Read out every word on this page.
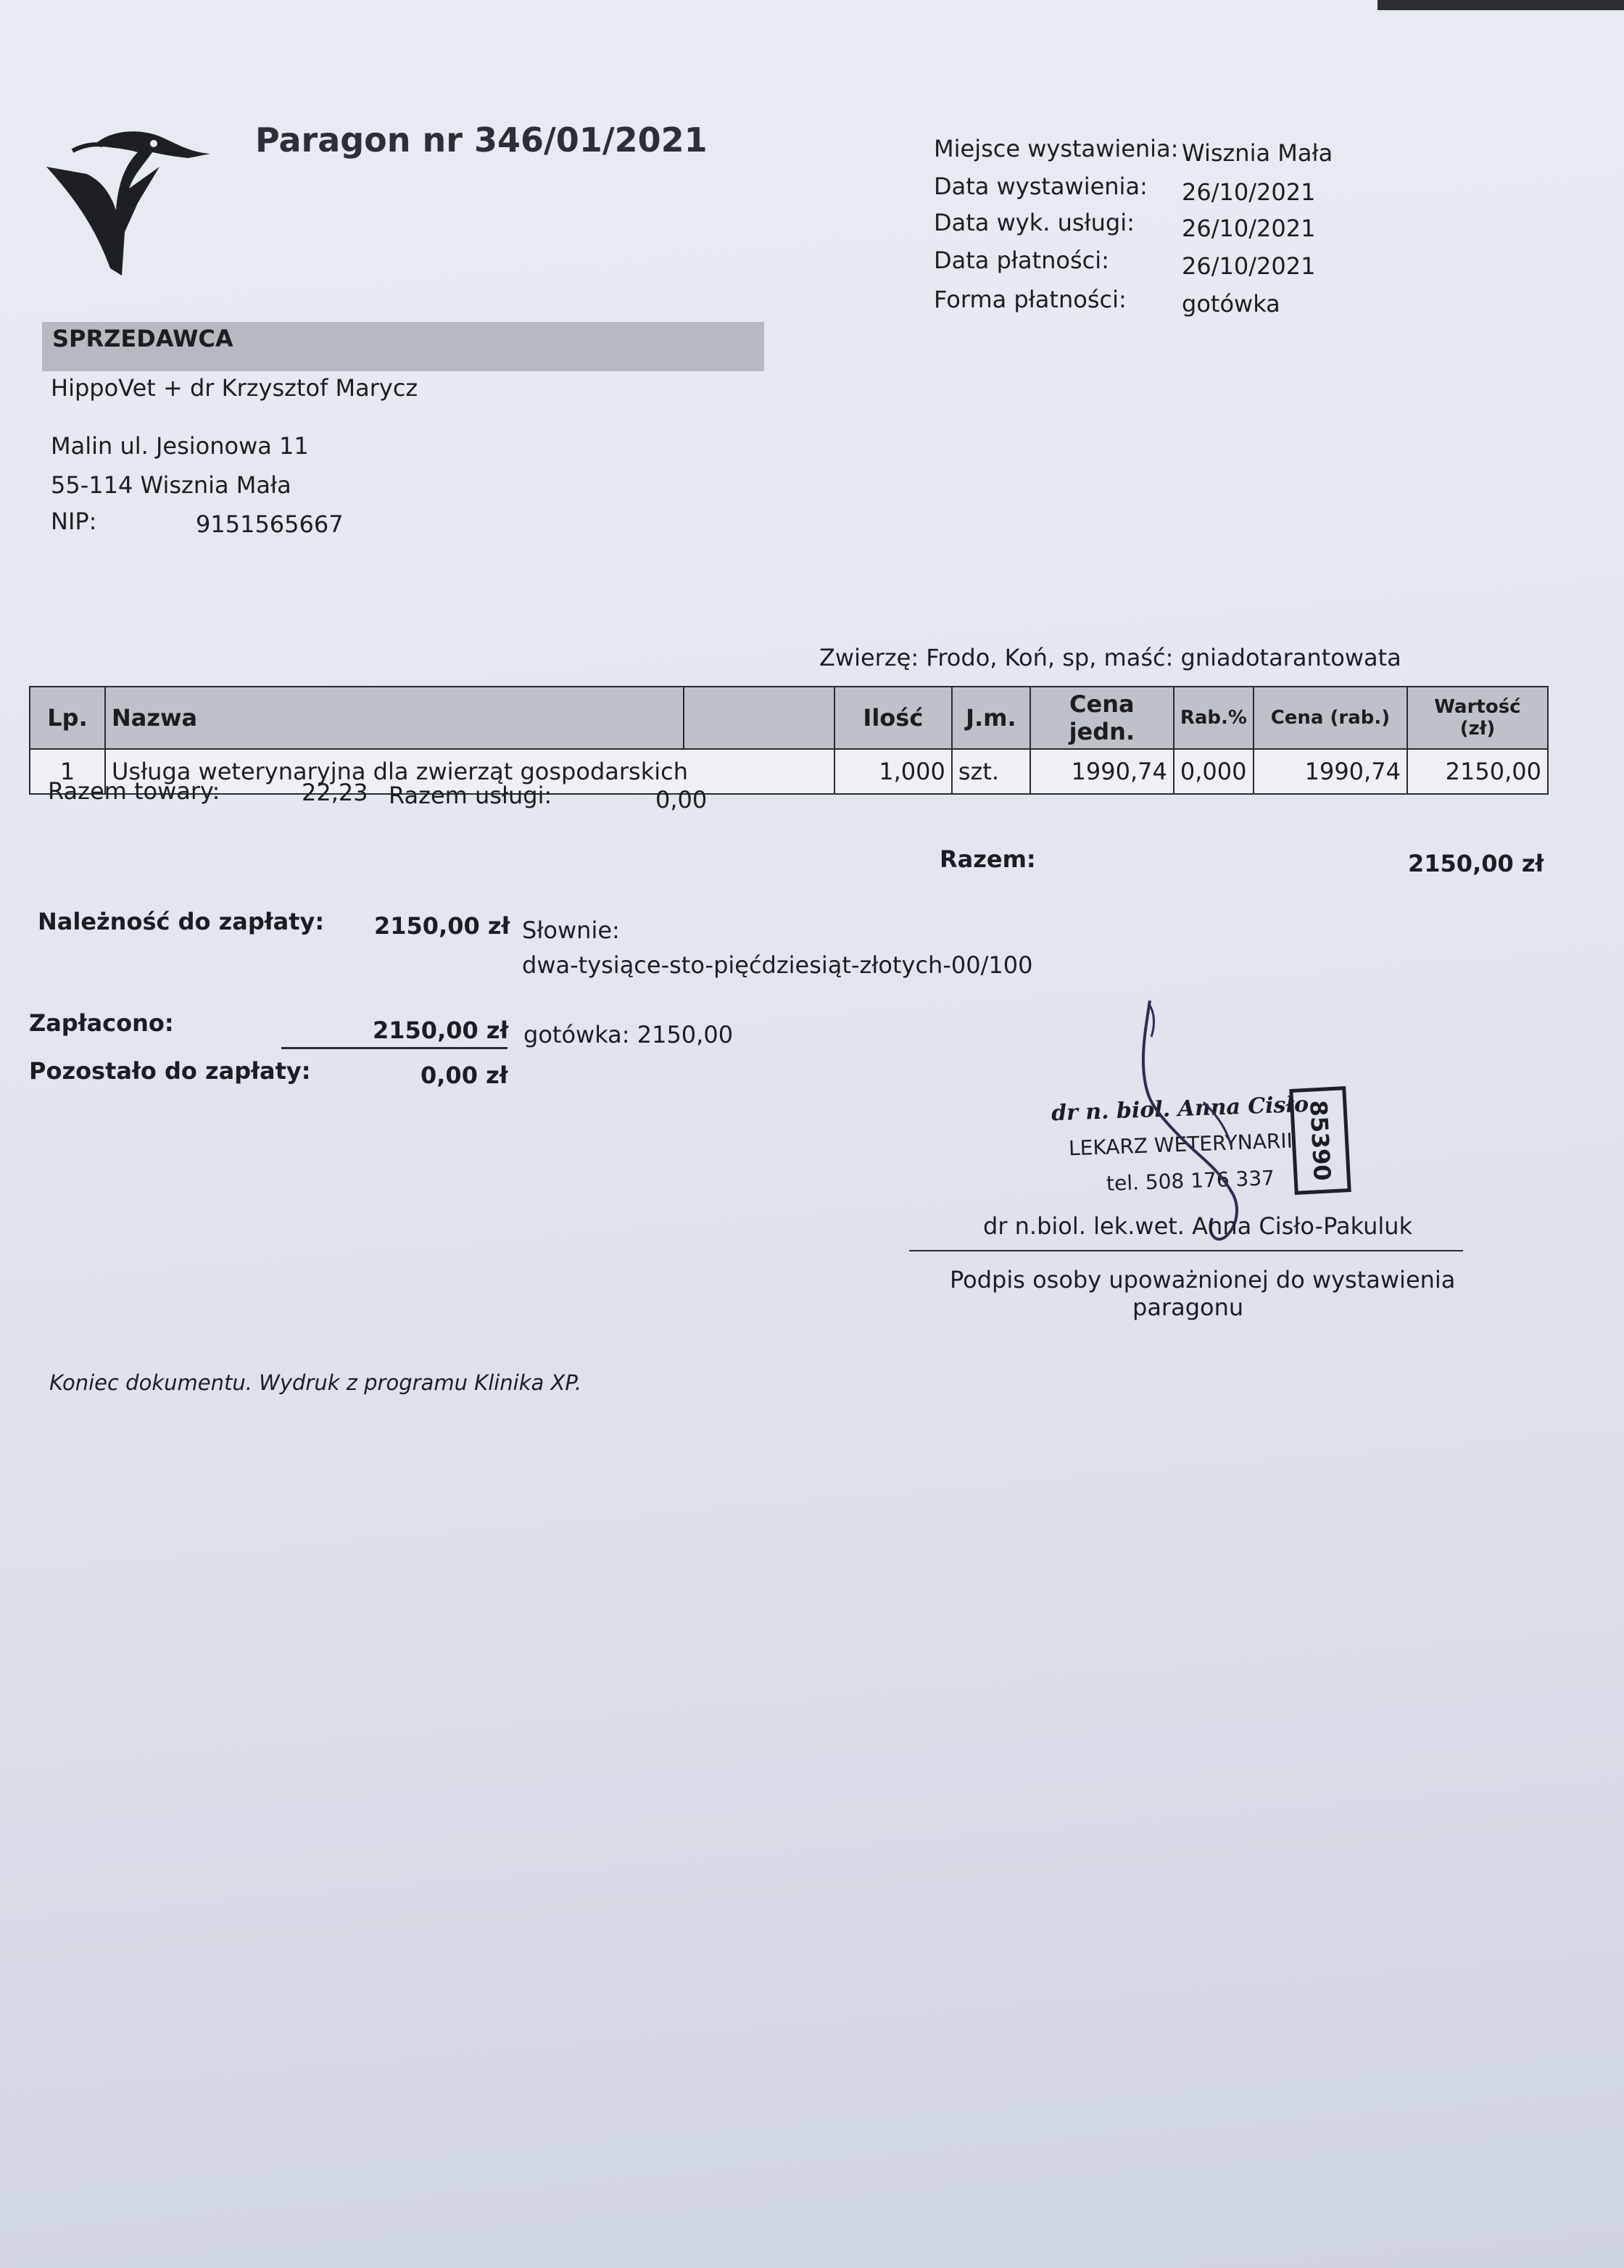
Paragon nr 346/01/2021	Miejsce wystawienia: Wisznia Mała
Data wystawienia: 26/10/2021
Data wyk. usługi: 26/10/2021
Data płatności:	26/10/2021
Forma płatności: gotówka
SPRZEDAWCA
HippoVet + dr Krzysztof Marycz
Malin ul. Jesionowa 11
55-114 Wisznia Mała
NIP:	9151565667
Zwierzę: Frodo, Koń, sp, maść: gniadotarantowata
Lp.	Nazwa		Ilość	J.m.	Cena jedn.	Rab.%	Cena (rab.)	Wartość (zł)
1	Usługa weterynaryjna dla zwierząt gospodarskich		1,000	szt.	1990,74	0,000	1990,74	2150,00
Razem towary:	22,23 Razem usługi:	0,00
Razem:	2150,00 zł
Należność do zapłaty: 2150,00 zł Słownie:
dwa-tysiące-sto-pięćdziesiąt-złotych-00/100
Zapłacono:	2150,00 zł gotówka: 2150,00
Pozostało do zapłaty:	0,00 zł
dr n. biol. Anna Cisło
LEKARZ WETERYNARII
tel. 508 176 337 85390
dr n.biol. lek.wet. Anna Cisło-Pakuluk
Podpis osoby upoważnionej do wystawienia
paragonu
Koniec dokumentu. Wydruk z programu Klinika XP.
